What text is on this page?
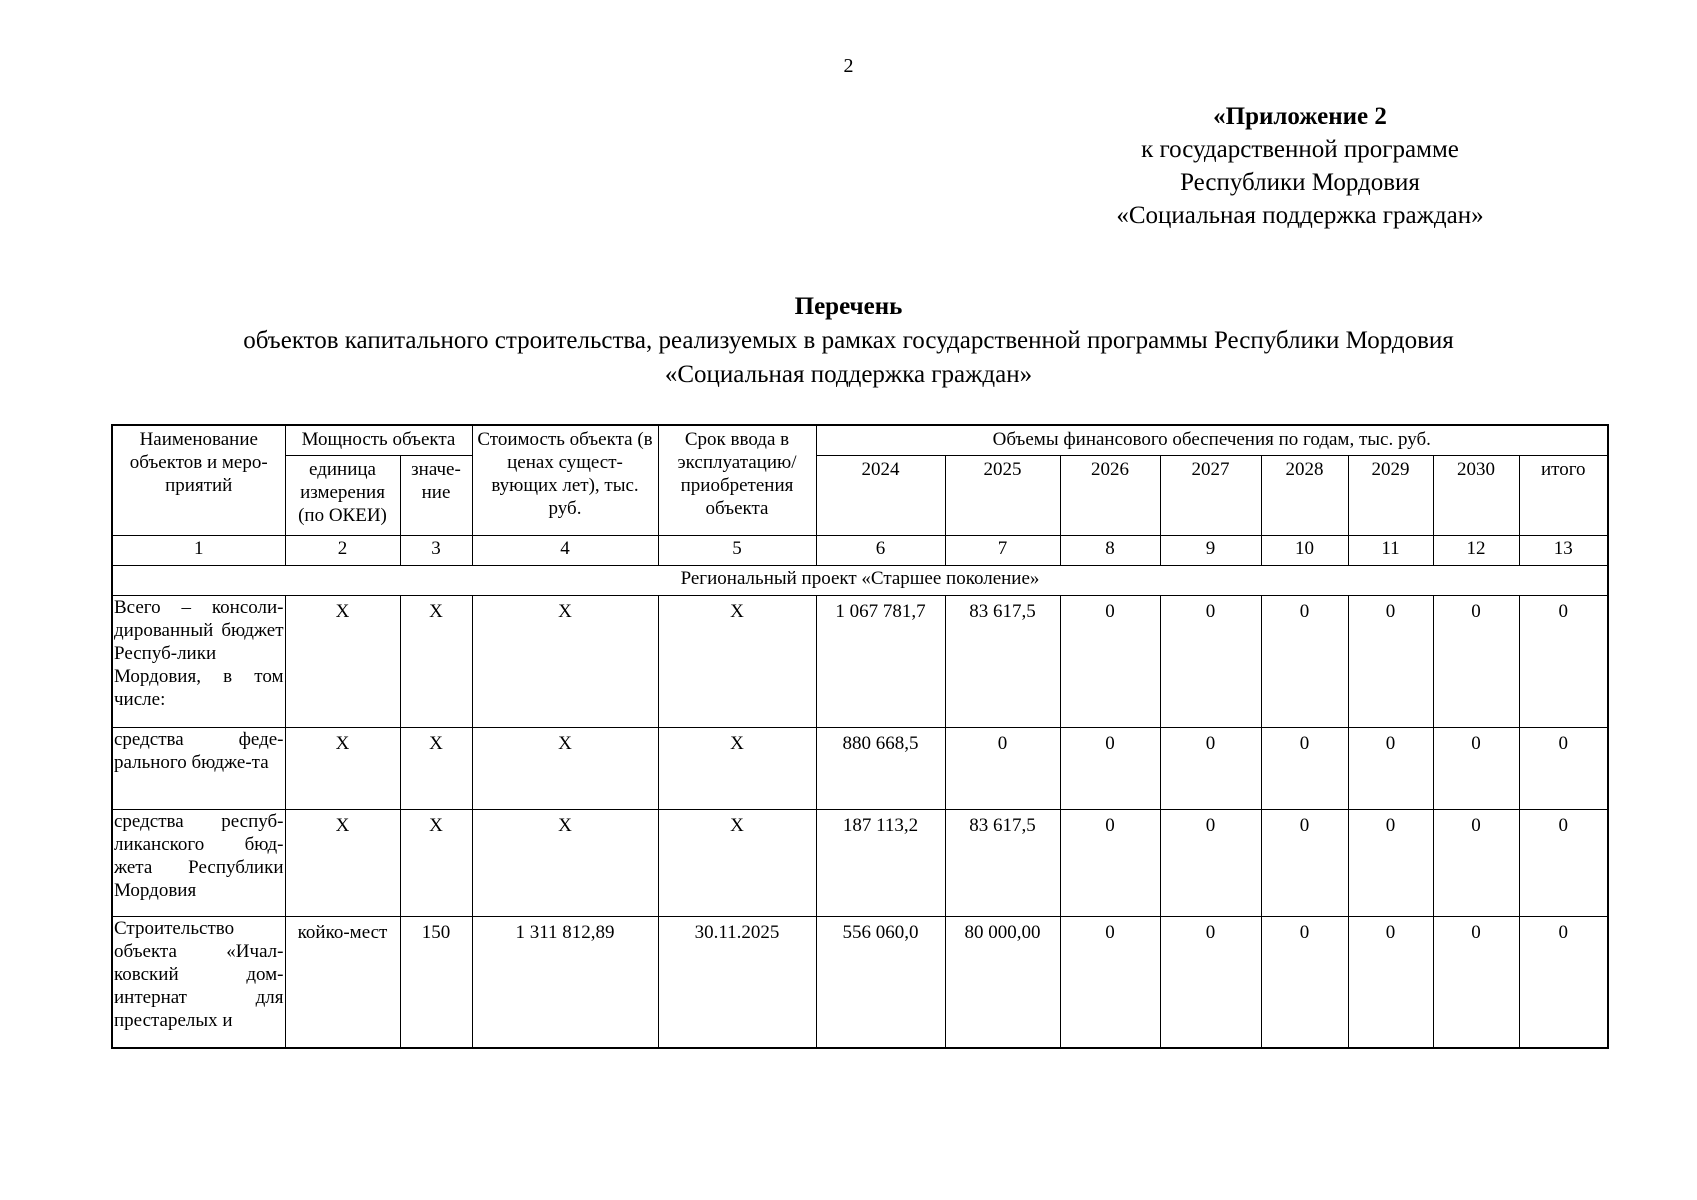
2
«Приложение 2
к государственной программе
Республики Мордовия
«Социальная поддержка граждан»
Перечень
объектов капитального строительства, реализуемых в рамках государственной программы Республики Мордовия
«Социальная поддержка граждан»
Наименование объектов и меро-приятий	Мощность объекта		Стоимость объекта (в ценах сущест-вующих лет), тыс. руб.	Срок ввода в эксплуатацию/ приобретения объекта	Объемы финансового обеспечения по годам, тыс. руб.							
	единица измерения (по ОКЕИ)	значе-ние			2024	2025	2026	2027	2028	2029	2030	итого
1	2	3	4	5	6	7	8	9	10	11	12	13
Региональный проект «Старшее поколение»												
Всего – консоли-дированный бюджет Респуб-лики Мордовия, в том числе:	Х	Х	Х	Х	1 067 781,7	83 617,5	0	0	0	0	0	0
средства феде-рального бюдже-та	Х	Х	Х	Х	880 668,5	0	0	0	0	0	0	0
средства респуб-ликанского бюд-жета Республики Мордовия	Х	Х	Х	Х	187 113,2	83 617,5	0	0	0	0	0	0
Строительство объекта «Ичал-ковский дом-интернат для престарелых и	койко-мест	150	1 311 812,89	30.11.2025	556 060,0	80 000,00	0	0	0	0	0	0
